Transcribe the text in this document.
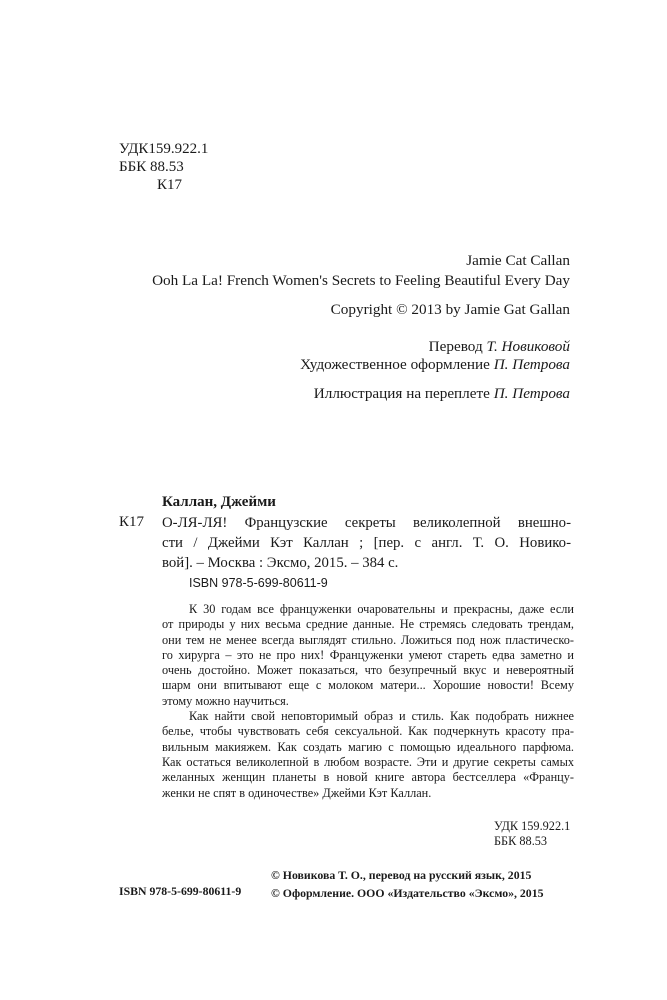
УДК159.922.1
ББК 88.53
К17
Jamie Cat Callan
Ooh La La! French Women's Secrets to Feeling Beautiful Every Day
Copyright © 2013 by Jamie Gat Gallan
Перевод Т. Новиковой
Художественное оформление П. Петрова
Иллюстрация на переплете П. Петрова
Каллан, Джейми
К17 О-ЛЯ-ЛЯ! Французские секреты великолепной внешно-
сти / Джейми Кэт Каллан ; [пер. с англ. Т. О. Новико-
вой]. – Москва : Эксмо, 2015. – 384 с.
ISBN 978-5-699-80611-9

К 30 годам все француженки очаровательны и прекрасны, даже если
от природы у них весьма средние данные. Не стремясь следовать трендам,
они тем не менее всегда выглядят стильно. Ложиться под нож пластическо-
го хирурга – это не про них! Француженки умеют стареть едва заметно и
очень достойно. Может показаться, что безупречный вкус и невероятный
шарм они впитывают еще с молоком матери... Хорошие новости! Всему
этому можно научиться.

Как найти свой неповторимый образ и стиль. Как подобрать нижнее
белье, чтобы чувствовать себя сексуальной. Как подчеркнуть красоту пра-
вильным макияжем. Как создать магию с помощью идеального парфюма.
Как остаться великолепной в любом возрасте. Эти и другие секреты самых
желанных женщин планеты в новой книге автора бестселлера «Францу-
женки не спят в одиночестве» Джейми Кэт Каллан.

УДК 159.922.1
ББК 88.53
© Новикова Т. О., перевод на русский язык, 2015
© Оформление. ООО «Издательство «Эксмо», 2015
ISBN 978-5-699-80611-9
